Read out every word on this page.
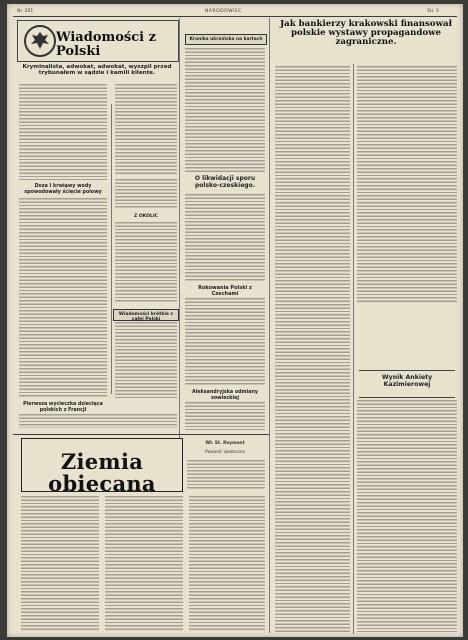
Nr. 201	NARODOWIEC	Str. 3
Wiadomości z Polski
Kryminalista, adwokat, adwokat, wyszpil przed trybunałem w sądzie i kamili kilente.
Doza I krwiąwy wody spowodowały ścięcie polowy
Z OKOLIC
Wiadomości krótkie z całej Polski
Pierwsza wycieczka dziecięca polskich z Francji
Kronika ukraińska na kartach
O likwidacji sporu polsko-czeskiego.
Rokowania Polski z Czechami
Aleksandryjska odmiany sowieckiej
Jak bankierzy krakowski finansował polskie wystawy propagandowe zagraniczne.
Wynik Ankiety Kazimierowej
Ziemia obiecana
Wł. St. Reymont
Powieść społeczna
